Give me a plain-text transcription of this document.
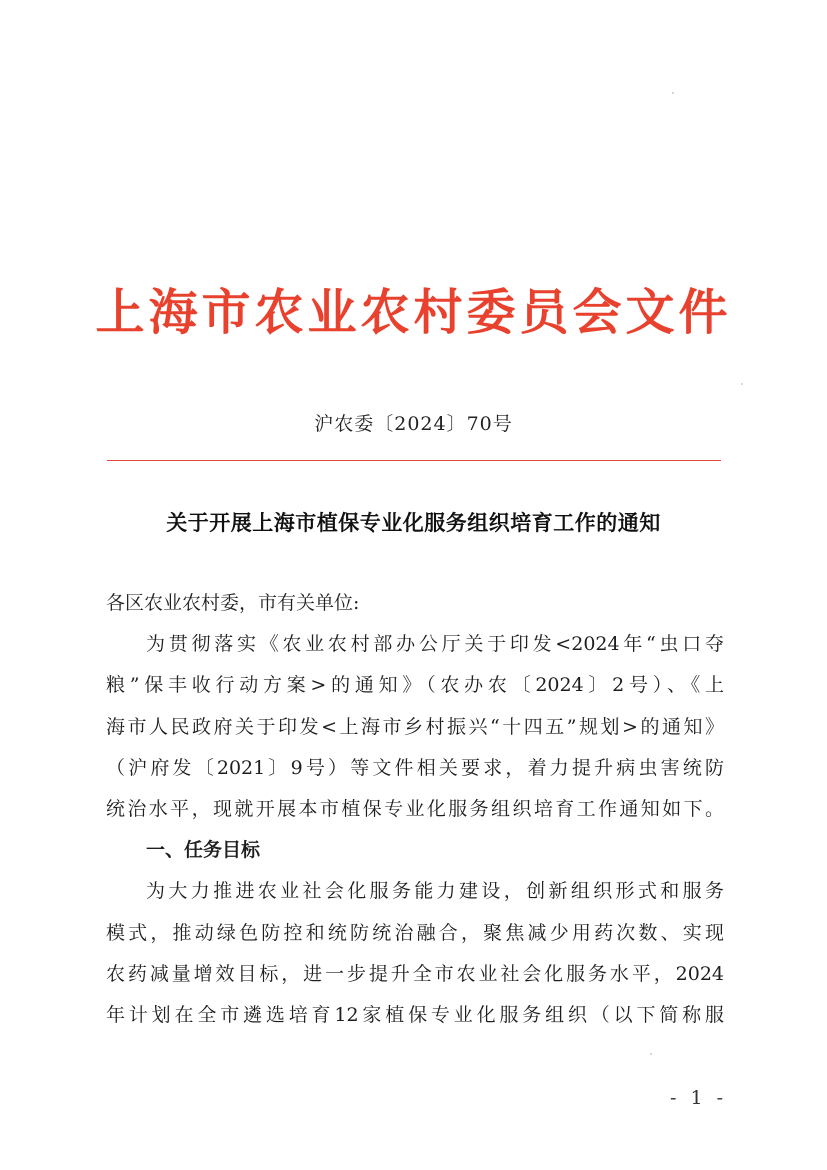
上海市农业农村委员会文件
沪农委〔2024〕70号
关于开展上海市植保专业化服务组织培育工作的通知
各区农业农村委，市有关单位:
为贯彻落实《农业农村部办公厅关于印发<2024年“虫口夺
粮”保丰收行动方案>的通知》（农办农〔2024〕2号）、《上
海市人民政府关于印发<上海市乡村振兴“十四五”规划>的通知》
（沪府发〔2021〕9号）等文件相关要求，着力提升病虫害统防
统治水平，现就开展本市植保专业化服务组织培育工作通知如下。
一、任务目标
为大力推进农业社会化服务能力建设，创新组织形式和服务
模式，推动绿色防控和统防统治融合，聚焦减少用药次数、实现
农药减量增效目标，进一步提升全市农业社会化服务水平，2024
年计划在全市遴选培育12家植保专业化服务组织（以下简称服
- 1 -
